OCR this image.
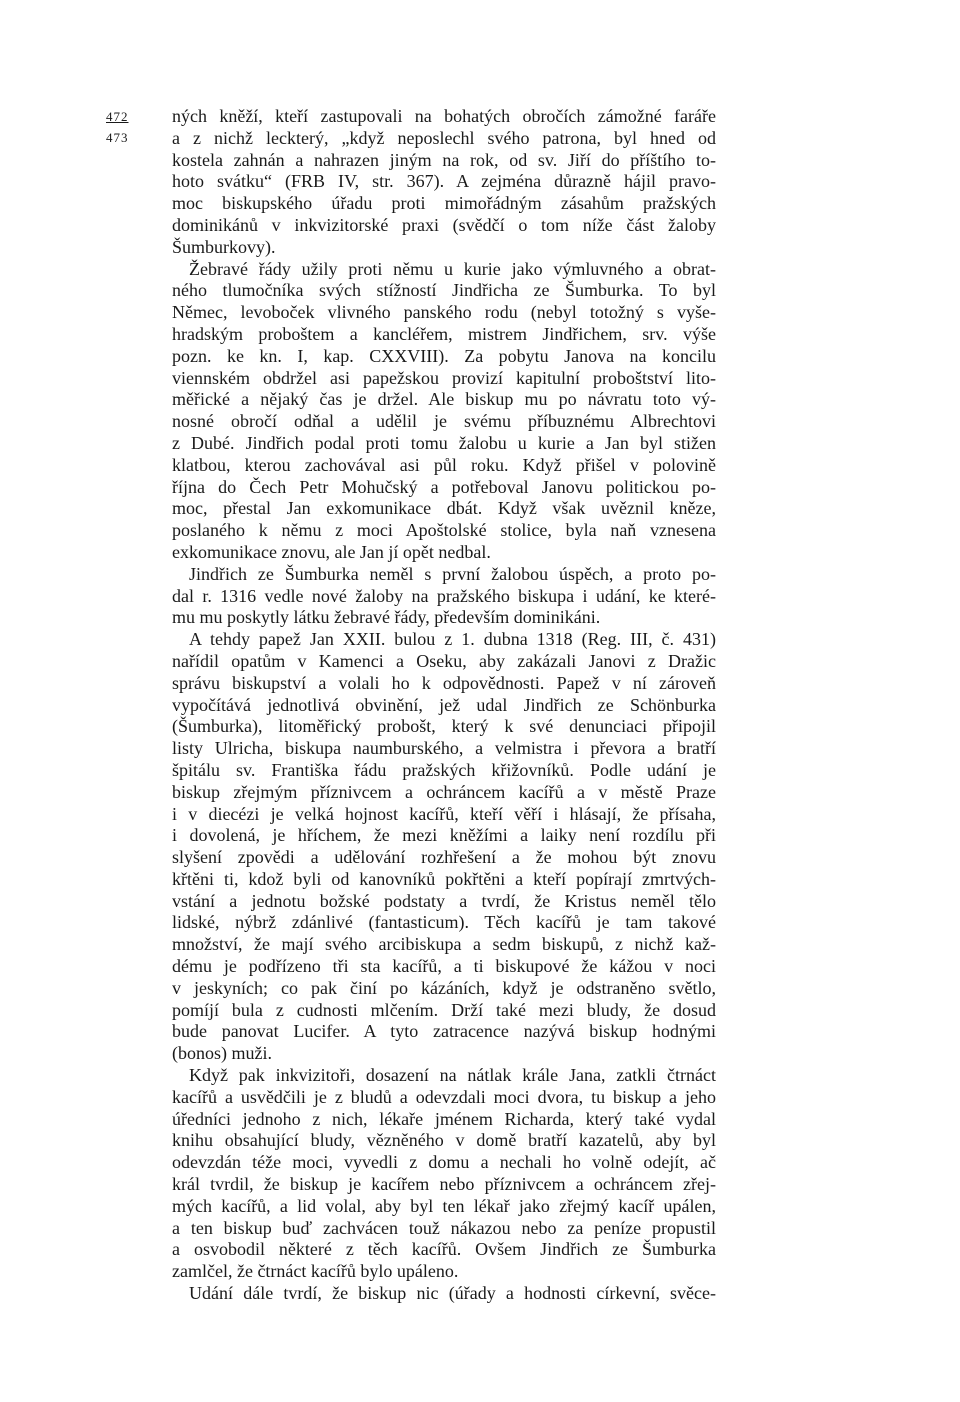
472
473
ných kněží, kteří zastupovali na bohatých obročích zámožné faráře
a z nichž leckterý, „když neposlechl svého patrona, byl hned od
kostela zahnán a nahrazen jiným na rok, od sv. Jiří do příštího to-
hoto svátku“ (FRB IV, str. 367). A zejména důrazně hájil pravo-
moc biskupského úřadu proti mimořádným zásahům pražských
dominikánů v inkvizitorské praxi (svědčí o tom níže část žaloby
Šumburkovy).
Žebravé řády užily proti němu u kurie jako výmluvného a obrat-
ného tlumočníka svých stížností Jindřicha ze Šumburka. To byl
Němec, levoboček vlivného panského rodu (nebyl totožný s vyše-
hradským proboštem a kancléřem, mistrem Jindřichem, srv. výše
pozn. ke kn. I, kap. CXXVIII). Za pobytu Janova na koncilu
viennském obdržel asi papežskou provizí kapitulní proboštství lito-
měřické a nějaký čas je držel. Ale biskup mu po návratu toto vý-
nosné obročí odňal a udělil je svému příbuznému Albrechtovi
z Dubé. Jindřich podal proti tomu žalobu u kurie a Jan byl stižen
klatbou, kterou zachovával asi půl roku. Když přišel v polovině
října do Čech Petr Mohučský a potřeboval Janovu politickou po-
moc, přestal Jan exkomunikace dbát. Když však uvěznil kněze,
poslaného k němu z moci Apoštolské stolice, byla naň vznesena
exkomunikace znovu, ale Jan jí opět nedbal.
Jindřich ze Šumburka neměl s první žalobou úspěch, a proto po-
dal r. 1316 vedle nové žaloby na pražského biskupa i udání, ke které-
mu mu poskytly látku žebravé řády, především dominikáni.
A tehdy papež Jan XXII. bulou z 1. dubna 1318 (Reg. III, č. 431)
nařídil opatům v Kamenci a Oseku, aby zakázali Janovi z Dražic
správu biskupství a volali ho k odpovědnosti. Papež v ní zároveň
vypočítává jednotlivá obvinění, jež udal Jindřich ze Schönburka
(Šumburka), litoměřický probošt, který k své denunciaci připojil
listy Ulricha, biskupa naumburského, a velmistra i převora a bratří
špitálu sv. Františka řádu pražských křižovníků. Podle udání je
biskup zřejmým příznivcem a ochráncem kacířů a v městě Praze
i v diecézi je velká hojnost kacířů, kteří věří i hlásají, že přísaha,
i dovolená, je hříchem, že mezi kněžími a laiky není rozdílu při
slyšení zpovědi a udělování rozhřešení a že mohou být znovu
křtěni ti, kdož byli od kanovníků pokřtěni a kteří popírají zmrtvých-
vstání a jednotu božské podstaty a tvrdí, že Kristus neměl tělo
lidské, nýbrž zdánlivé (fantasticum). Těch kacířů je tam takové
množství, že mají svého arcibiskupa a sedm biskupů, z nichž kaž-
dému je podřízeno tři sta kacířů, a ti biskupové že kážou v noci
v jeskyních; co pak činí po kázáních, když je odstraněno světlo,
pomíjí bula z cudnosti mlčením. Drží také mezi bludy, že dosud
bude panovat Lucifer. A tyto zatracence nazývá biskup hodnými
(bonos) muži.
Když pak inkvizitoři, dosazení na nátlak krále Jana, zatkli čtrnáct
kacířů a usvědčili je z bludů a odevzdali moci dvora, tu biskup a jeho
úředníci jednoho z nich, lékaře jménem Richarda, který také vydal
knihu obsahující bludy, vězněného v domě bratří kazatelů, aby byl
odevzdán téže moci, vyvedli z domu a nechali ho volně odejít, ač
král tvrdil, že biskup je kacířem nebo příznivcem a ochráncem zřej-
mých kacířů, a lid volal, aby byl ten lékař jako zřejmý kacíř upálen,
a ten biskup buď zachvácen touž nákazou nebo za peníze propustil
a osvobodil některé z těch kacířů. Ovšem Jindřich ze Šumburka
zamlčel, že čtrnáct kacířů bylo upáleno.
Udání dále tvrdí, že biskup nic (úřady a hodnosti církevní, svěce-
